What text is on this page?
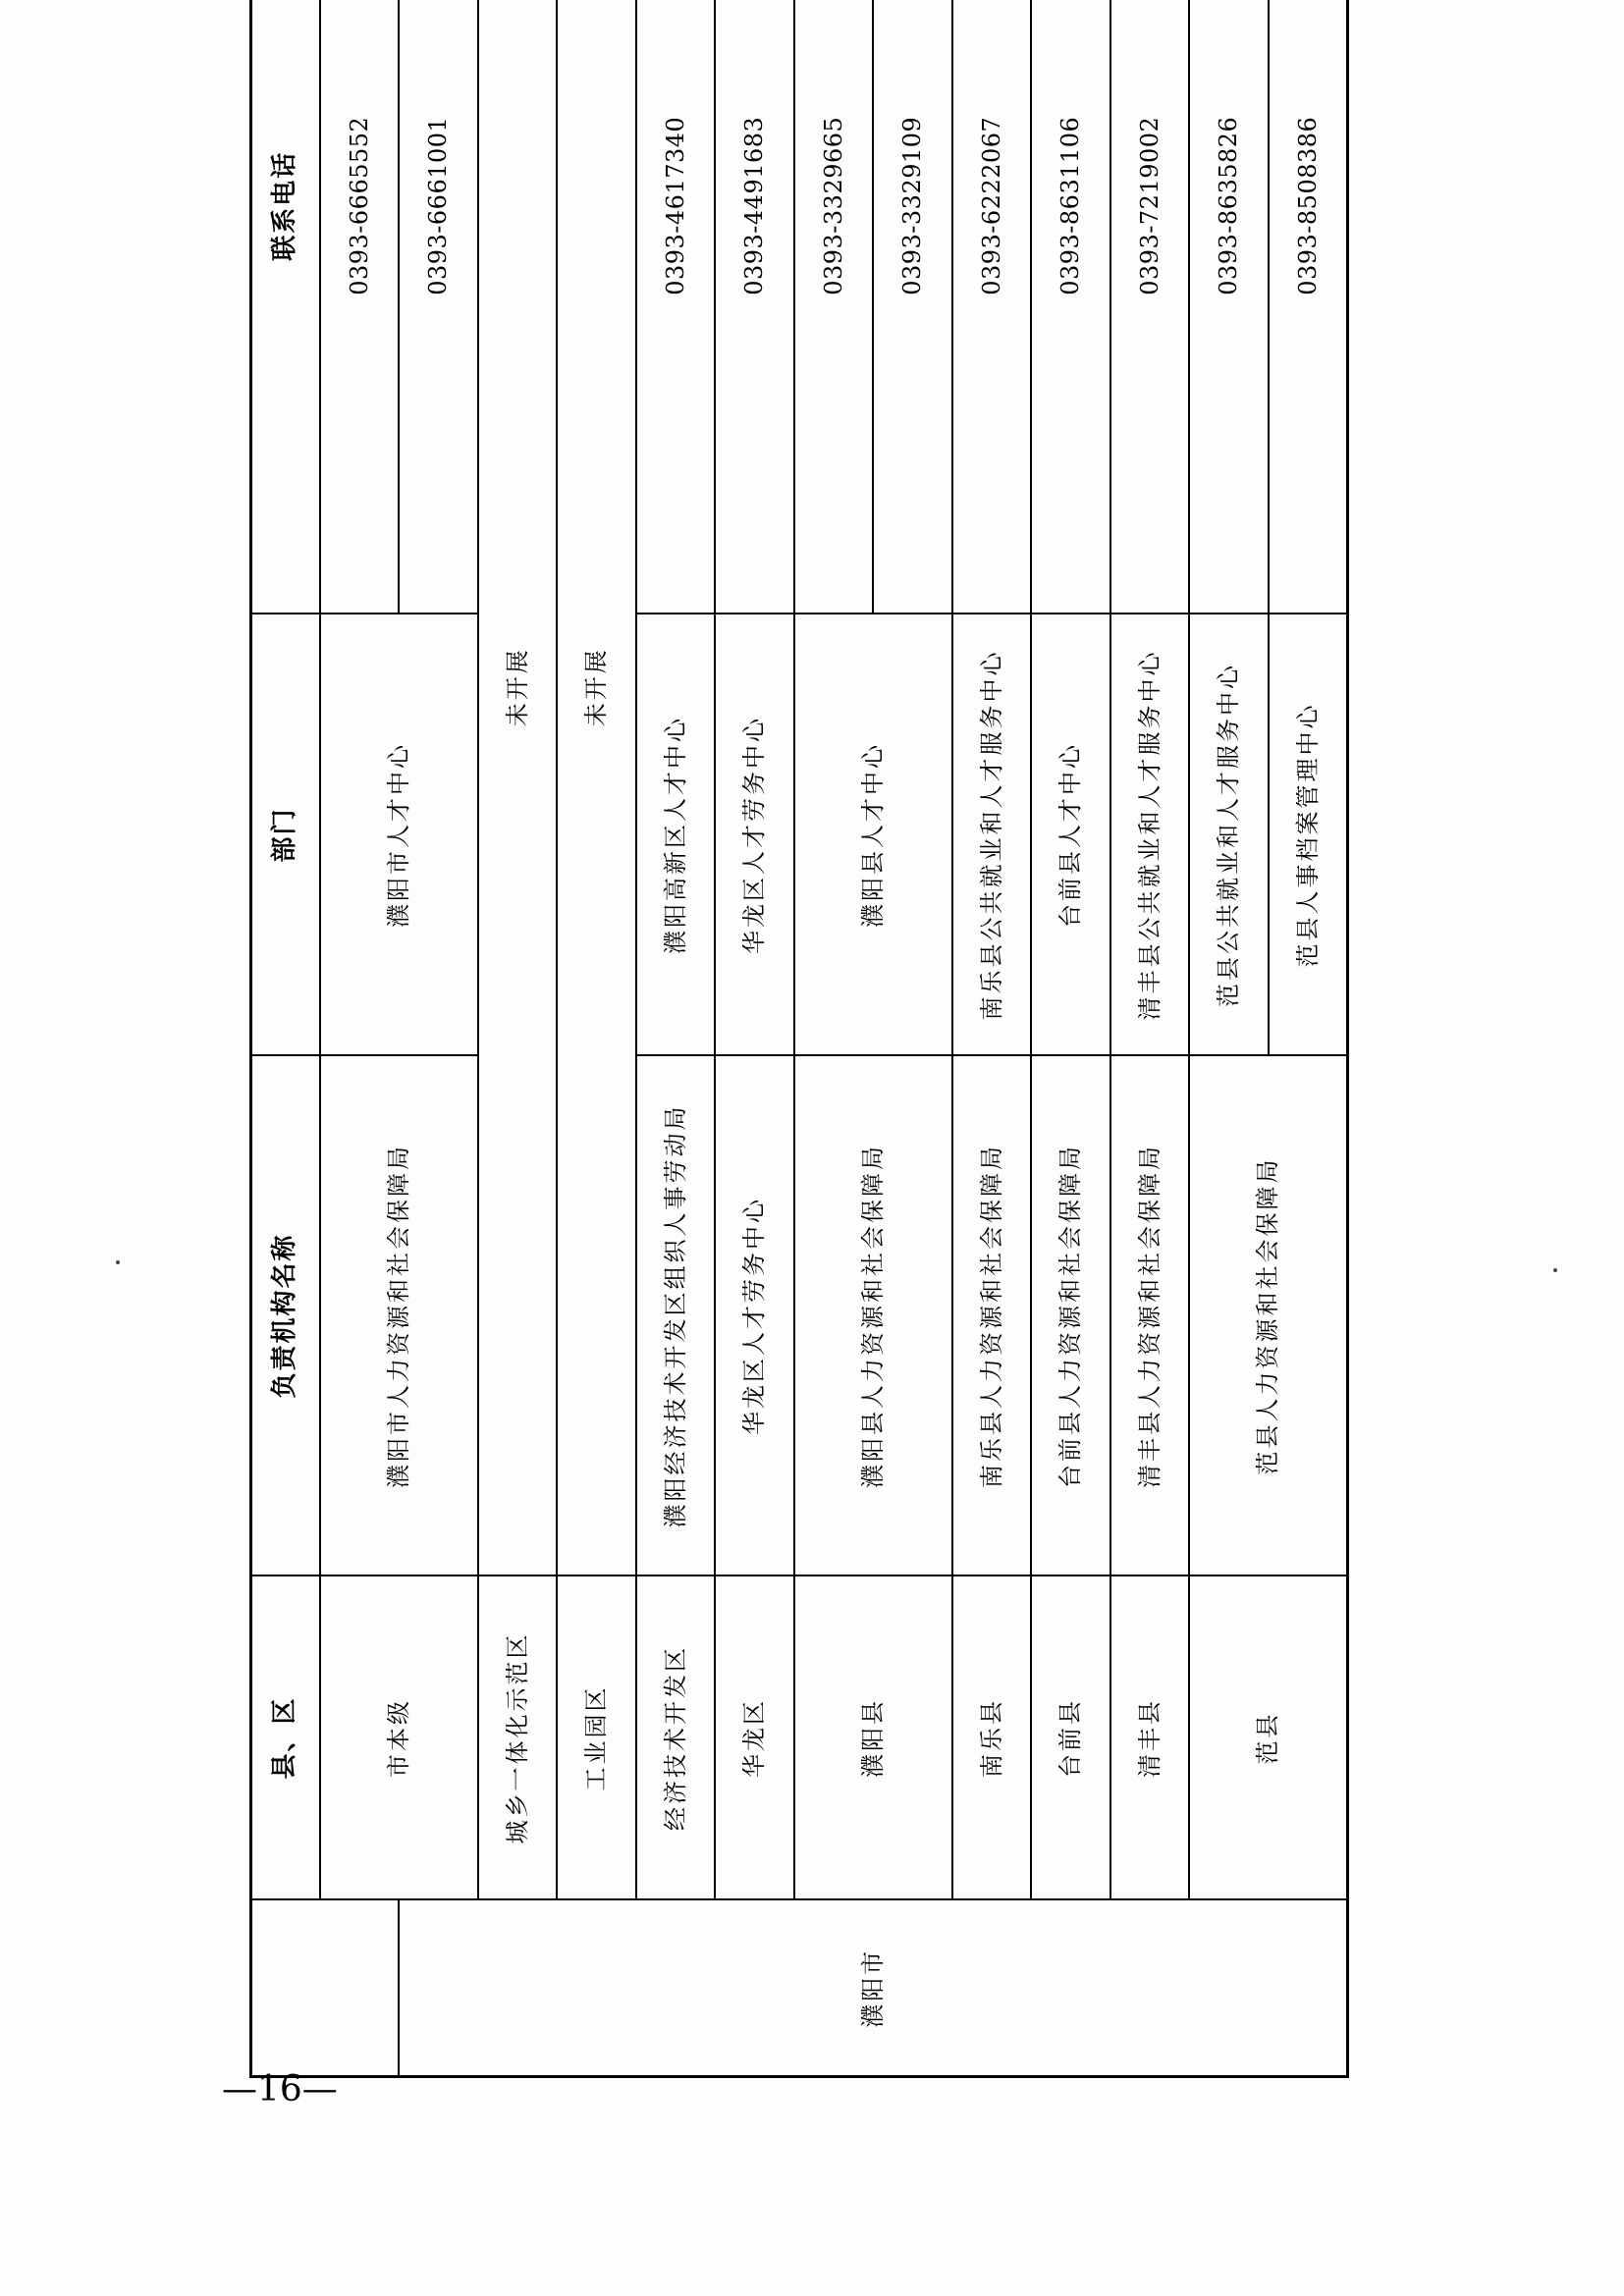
	县、区	负责机构名称	部门	联系电话
	市本级	濮阳市人力资源和社会保障局	濮阳市人才中心	0393-6665552
濮阳市				0393-6661001
	城乡一体化示范区	未开展		
	工业园区	未开展		
	经济技术开发区	濮阳经济技术开发区组织人事劳动局	濮阳高新区人才中心	0393-4617340
	华龙区	华龙区人才劳务中心	华龙区人才劳务中心	0393-4491683
	濮阳县	濮阳县人力资源和社会保障局	濮阳县人才中心	0393-3329665
				0393-3329109
	南乐县	南乐县人力资源和社会保障局	南乐县公共就业和人才服务中心	0393-6222067
	台前县	台前县人力资源和社会保障局	台前县人才中心	0393-8631106
	清丰县	清丰县人力资源和社会保障局	清丰县公共就业和人才服务中心	0393-7219002
	范县	范县人力资源和社会保障局	范县公共就业和人才服务中心	0393-8635826
			范县人事档案管理中心	0393-8508386
—16—
